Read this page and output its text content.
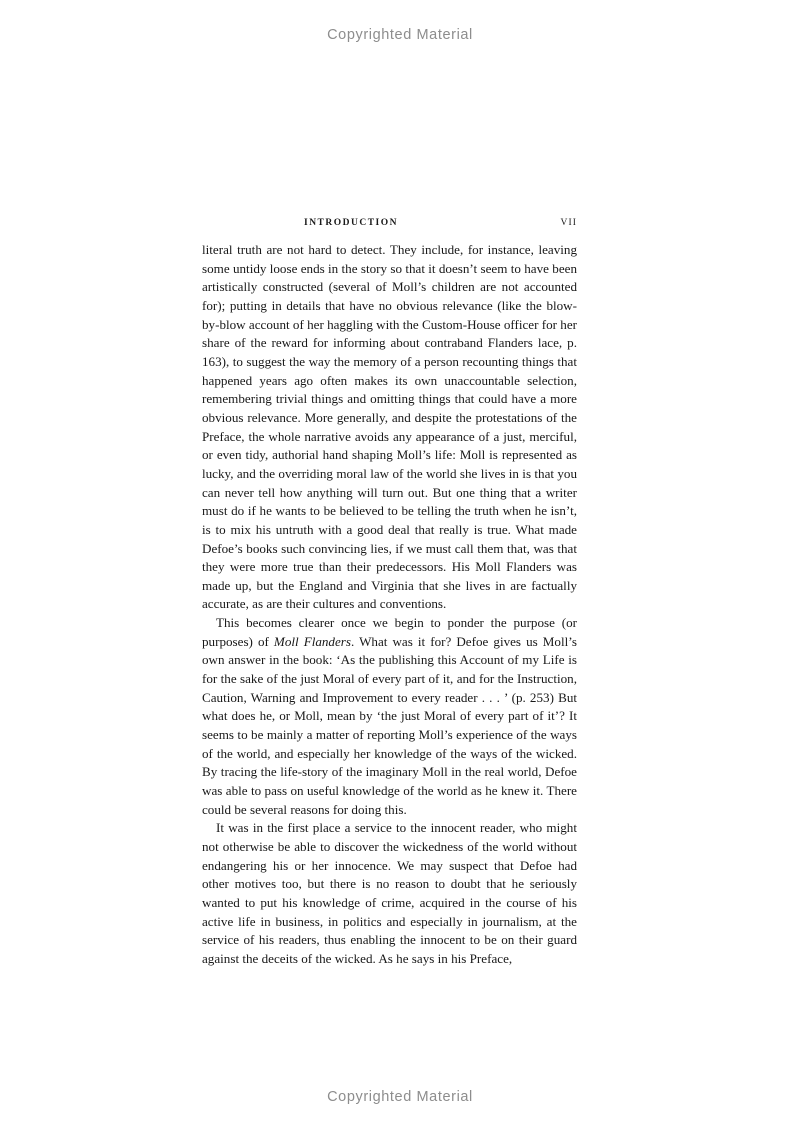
Copyrighted Material
INTRODUCTION	VII

literal truth are not hard to detect. They include, for instance, leaving some untidy loose ends in the story so that it doesn’t seem to have been artistically constructed (several of Moll’s children are not accounted for); putting in details that have no obvious relevance (like the blow-by-blow account of her haggling with the Custom-House officer for her share of the reward for informing about contraband Flanders lace, p. 163), to suggest the way the memory of a person recounting things that happened years ago often makes its own unaccountable selection, remembering trivial things and omitting things that could have a more obvious relevance. More generally, and despite the protestations of the Preface, the whole narrative avoids any appearance of a just, merciful, or even tidy, authorial hand shaping Moll’s life: Moll is represented as lucky, and the overriding moral law of the world she lives in is that you can never tell how anything will turn out. But one thing that a writer must do if he wants to be believed to be telling the truth when he isn’t, is to mix his untruth with a good deal that really is true. What made Defoe’s books such convincing lies, if we must call them that, was that they were more true than their predecessors. His Moll Flanders was made up, but the England and Virginia that she lives in are factually accurate, as are their cultures and conventions.

This becomes clearer once we begin to ponder the purpose (or purposes) of Moll Flanders. What was it for? Defoe gives us Moll’s own answer in the book: ‘As the publishing this Account of my Life is for the sake of the just Moral of every part of it, and for the Instruction, Caution, Warning and Improvement to every reader . . . ’ (p. 253) But what does he, or Moll, mean by ‘the just Moral of every part of it’? It seems to be mainly a matter of reporting Moll’s experience of the ways of the world, and especially her knowledge of the ways of the wicked. By tracing the life-story of the imaginary Moll in the real world, Defoe was able to pass on useful knowledge of the world as he knew it. There could be several reasons for doing this.

It was in the first place a service to the innocent reader, who might not otherwise be able to discover the wickedness of the world without endangering his or her innocence. We may suspect that Defoe had other motives too, but there is no reason to doubt that he seriously wanted to put his knowledge of crime, acquired in the course of his active life in business, in politics and especially in journalism, at the service of his readers, thus enabling the innocent to be on their guard against the deceits of the wicked. As he says in his Preface,

Copyrighted Material
